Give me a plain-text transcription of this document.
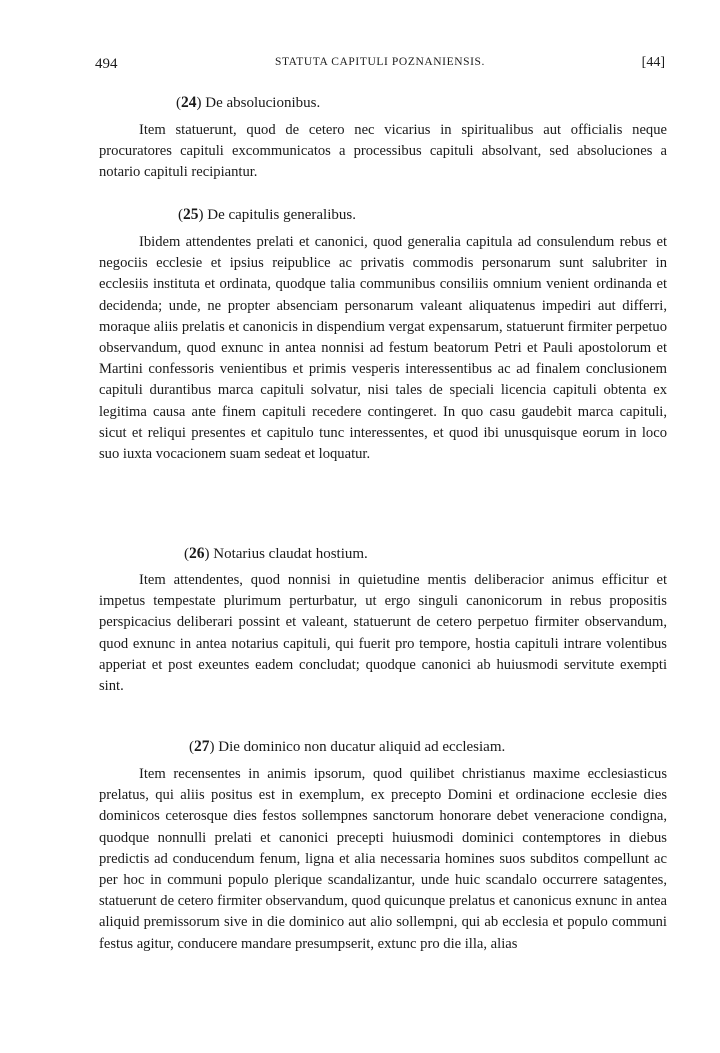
494	STATUTA CAPITULI POZNANIENSIS.	[44]
(24) De absolucionibus.

Item statuerunt, quod de cetero nec vicarius in spiritualibus aut officialis neque procuratores capituli excommunicatos a processibus capituli absolvant, sed absoluciones a notario capituli recipiantur.

(25) De capitulis generalibus.

Ibidem attendentes prelati et canonici, quod generalia capitula ad consulendum rebus et negociis ecclesie et ipsius reipublice ac privatis commodis personarum sunt salubriter in ecclesiis instituta et ordinata, quodque talia communibus consiliis omnium venient ordinanda et decidenda; unde, ne propter absenciam personarum valeant aliquatenus impediri aut differri, moraque aliis prelatis et canonicis in dispendium vergat expensarum, statuerunt firmiter perpetuo observandum, quod exnunc in antea nonnisi ad festum beatorum Petri et Pauli apostolorum et Martini confessoris venientibus et primis vesperis interessentibus ac ad finalem conclusionem capituli durantibus marca capituli solvatur, nisi tales de speciali licencia capituli obtenta ex legitima causa ante finem capituli recedere contingeret. In quo casu gaudebit marca capituli, sicut et reliqui presentes et capitulo tunc interessentes, et quod ibi unusquisque eorum in loco suo iuxta vocacionem suam sedeat et loquatur.

(26) Notarius claudat hostium.

Item attendentes, quod nonnisi in quietudine mentis deliberacior animus efficitur et impetus tempestate plurimum perturbatur, ut ergo singuli canonicorum in rebus propositis perspicacius deliberari possint et valeant, statuerunt de cetero perpetuo firmiter observandum, quod exnunc in antea notarius capituli, qui fuerit pro tempore, hostia capituli intrare volentibus apperiat et post exeuntes eadem concludat; quodque canonici ab huiusmodi servitute exempti sint.

(27) Die dominico non ducatur aliquid ad ecclesiam.

Item recensentes in animis ipsorum, quod quilibet christianus maxime ecclesiasticus prelatus, qui aliis positus est in exemplum, ex precepto Domini et ordinacione ecclesie dies dominicos ceterosque dies festos sollempnes sanctorum honorare debet veneracione condigna, quodque nonnulli prelati et canonici precepti huiusmodi dominici contemptores in diebus predictis ad conducendum fenum, ligna et alia necessaria homines suos subditos compellunt ac per hoc in communi populo plerique scandalizantur, unde huic scandalo occurrere satagentes, statuerunt de cetero firmiter observandum, quod quicunque prelatus et canonicus exnunc in antea aliquid premissorum sive in die dominico aut alio sollempni, qui ab ecclesia et populo communi festus agitur, conducere mandare presumpserit, extunc pro die illa, alias
